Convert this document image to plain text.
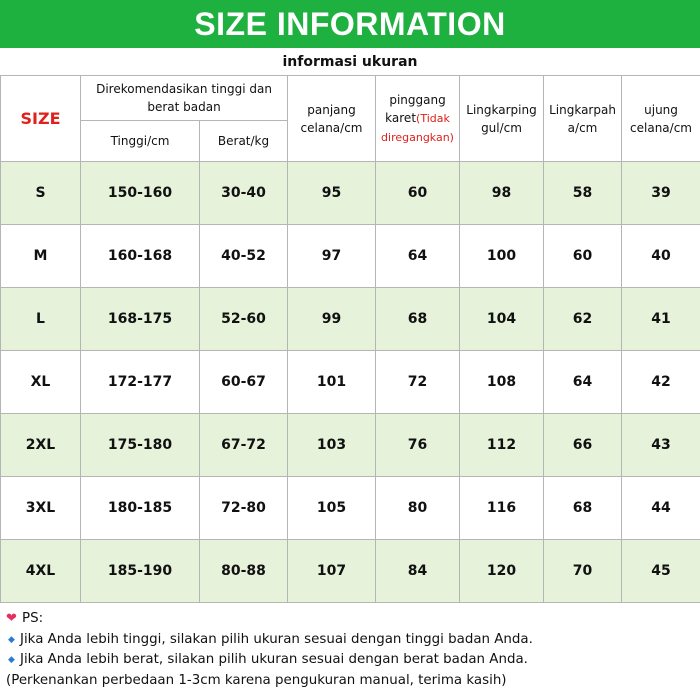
SIZE INFORMATION
informasi ukuran
SIZE	Direkomendasikan tinggi dan berat badan		panjang celana/cm	pinggang karet(Tidak diregangkan)	Lingkarping gul/cm	Lingkarpah a/cm	ujung celana/cm
	Tinggi/cm	Berat/kg					
S	150-160	30-40	95	60	98	58	39
M	160-168	40-52	97	64	100	60	40
L	168-175	52-60	99	68	104	62	41
XL	172-177	60-67	101	72	108	64	42
2XL	175-180	67-72	103	76	112	66	43
3XL	180-185	72-80	105	80	116	68	44
4XL	185-190	80-88	107	84	120	70	45
❤ PS:
◆ Jika Anda lebih tinggi, silakan pilih ukuran sesuai dengan tinggi badan Anda.
◆ Jika Anda lebih berat, silakan pilih ukuran sesuai dengan berat badan Anda.
(Perkenankan perbedaan 1-3cm karena pengukuran manual, terima kasih)
